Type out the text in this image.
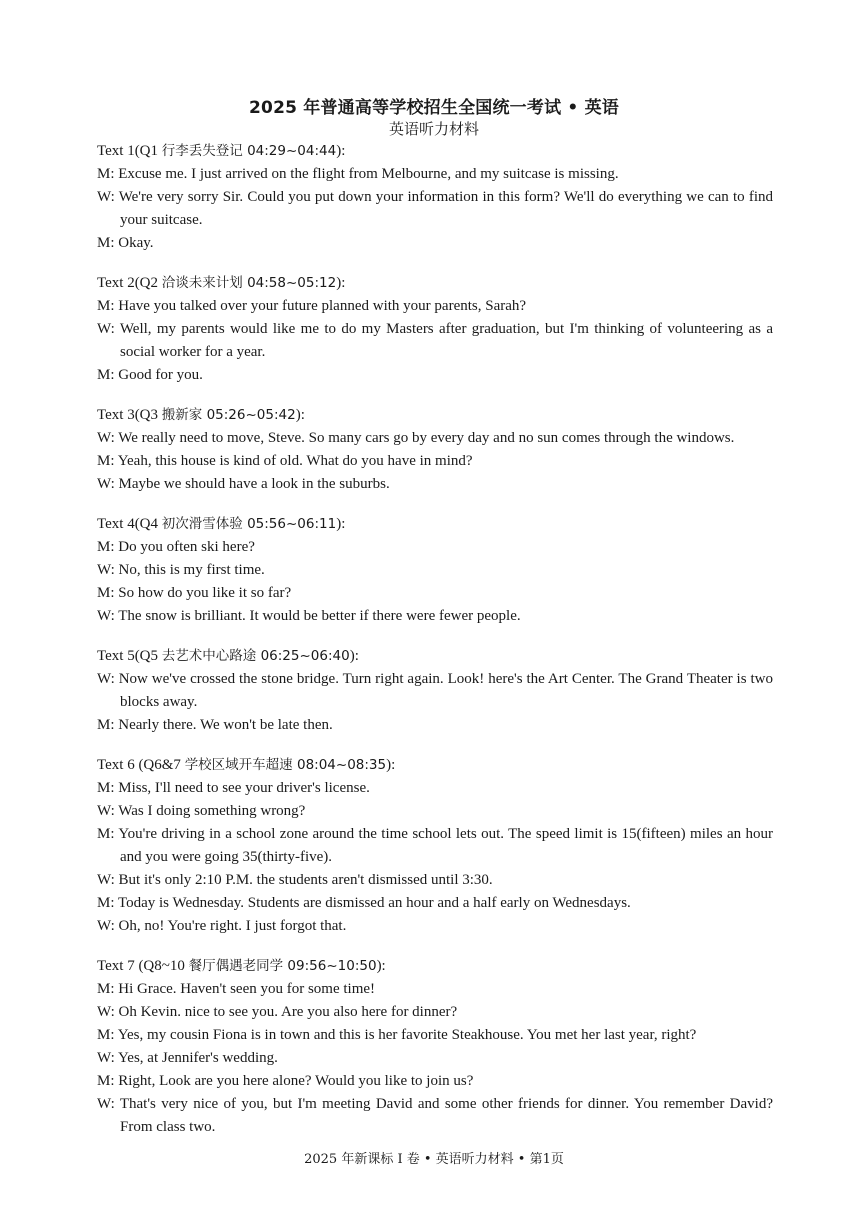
2025 年普通高等学校招生全国统一考试 • 英语
英语听力材料
Text 1(Q1 行李丢失登记 04:29~04:44):
M: Excuse me. I just arrived on the flight from Melbourne, and my suitcase is missing.
W: We're very sorry Sir. Could you put down your information in this form? We'll do everything we can to find your suitcase.
M: Okay.
Text 2(Q2 洽谈未来计划 04:58~05:12):
M: Have you talked over your future planned with your parents, Sarah?
W: Well, my parents would like me to do my Masters after graduation, but I'm thinking of volunteering as a social worker for a year.
M: Good for you.
Text 3(Q3 搬新家 05:26~05:42):
W: We really need to move, Steve. So many cars go by every day and no sun comes through the windows.
M: Yeah, this house is kind of old. What do you have in mind?
W: Maybe we should have a look in the suburbs.
Text 4(Q4 初次滑雪体验 05:56~06:11):
M: Do you often ski here?
W: No, this is my first time.
M: So how do you like it so far?
W: The snow is brilliant. It would be better if there were fewer people.
Text 5(Q5 去艺术中心路途 06:25~06:40):
W: Now we've crossed the stone bridge. Turn right again. Look! here's the Art Center. The Grand Theater is two blocks away.
M: Nearly there. We won't be late then.
Text 6 (Q6&7 学校区域开车超速 08:04~08:35):
M: Miss, I'll need to see your driver's license.
W: Was I doing something wrong?
M: You're driving in a school zone around the time school lets out. The speed limit is 15(fifteen) miles an hour and you were going 35(thirty-five).
W: But it's only 2:10 P.M. the students aren't dismissed until 3:30.
M: Today is Wednesday. Students are dismissed an hour and a half early on Wednesdays.
W: Oh, no! You're right. I just forgot that.
Text 7 (Q8~10 餐厅偶遇老同学 09:56~10:50):
M: Hi Grace. Haven't seen you for some time!
W: Oh Kevin. nice to see you. Are you also here for dinner?
M: Yes, my cousin Fiona is in town and this is her favorite Steakhouse. You met her last year, right?
W: Yes, at Jennifer's wedding.
M: Right, Look are you here alone? Would you like to join us?
W: That's very nice of you, but I'm meeting David and some other friends for dinner. You remember David? From class two.
2025 年新课标 I 卷 • 英语听力材料 • 第1页
